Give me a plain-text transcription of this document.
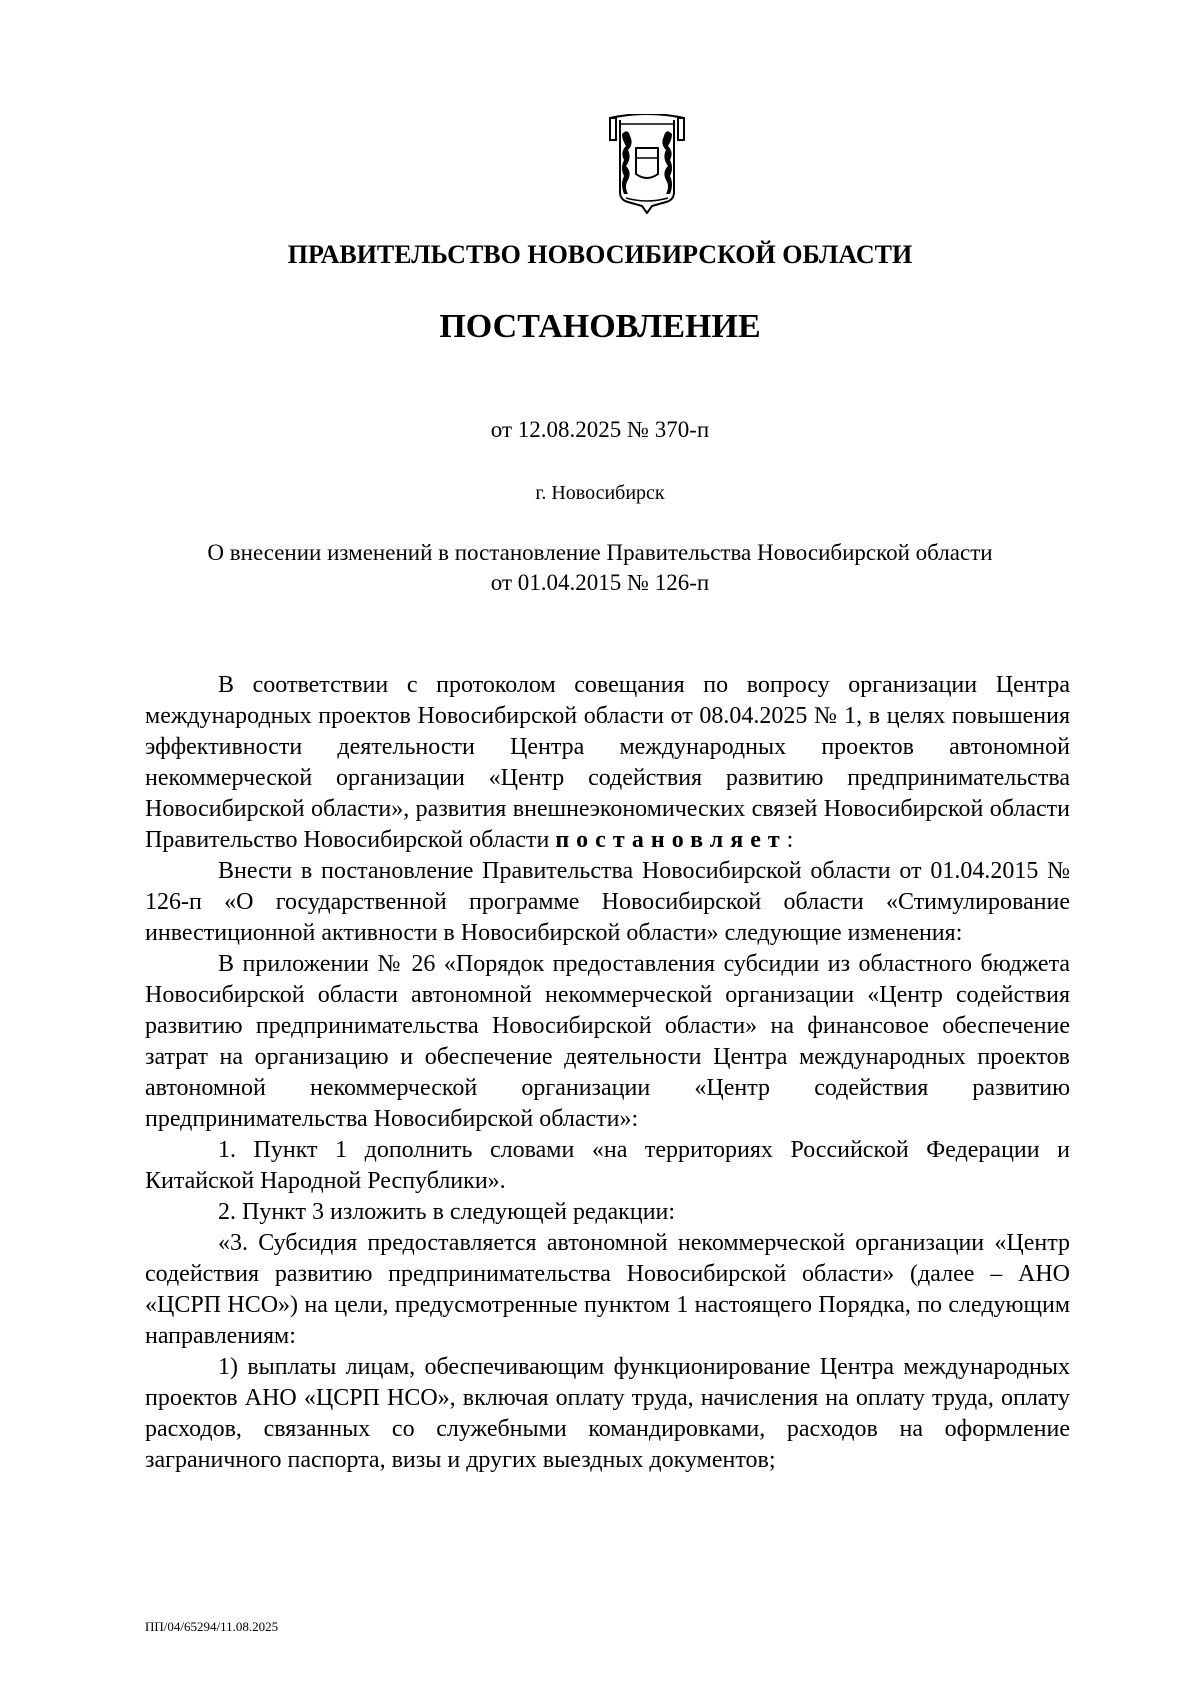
ПРАВИТЕЛЬСТВО НОВОСИБИРСКОЙ ОБЛАСТИ
ПОСТАНОВЛЕНИЕ
от 12.08.2025 № 370-п
г. Новосибирск
О внесении изменений в постановление Правительства Новосибирской области
от 01.04.2015 № 126-п

В соответствии с протоколом совещания по вопросу организации Центра международных проектов Новосибирской области от 08.04.2025 № 1, в целях повышения эффективности деятельности Центра международных проектов автономной некоммерческой организации «Центр содействия развитию предпринимательства Новосибирской области», развития внешнеэкономических связей Новосибирской области Правительство Новосибирской области постановляет:

Внести в постановление Правительства Новосибирской области от 01.04.2015 № 126-п «О государственной программе Новосибирской области «Стимулирование инвестиционной активности в Новосибирской области» следующие изменения:

В приложении № 26 «Порядок предоставления субсидии из областного бюджета Новосибирской области автономной некоммерческой организации «Центр содействия развитию предпринимательства Новосибирской области» на финансовое обеспечение затрат на организацию и обеспечение деятельности Центра международных проектов автономной некоммерческой организации «Центр содействия развитию предпринимательства Новосибирской области»:

1. Пункт 1 дополнить словами «на территориях Российской Федерации и Китайской Народной Республики».

2. Пункт 3 изложить в следующей редакции:

«3. Субсидия предоставляется автономной некоммерческой организации «Центр содействия развитию предпринимательства Новосибирской области» (далее – АНО «ЦСРП НСО») на цели, предусмотренные пунктом 1 настоящего Порядка, по следующим направлениям:

1) выплаты лицам, обеспечивающим функционирование Центра международных проектов АНО «ЦСРП НСО», включая оплату труда, начисления на оплату труда, оплату расходов, связанных со служебными командировками, расходов на оформление заграничного паспорта, визы и других выездных документов;

ПП/04/65294/11.08.2025
